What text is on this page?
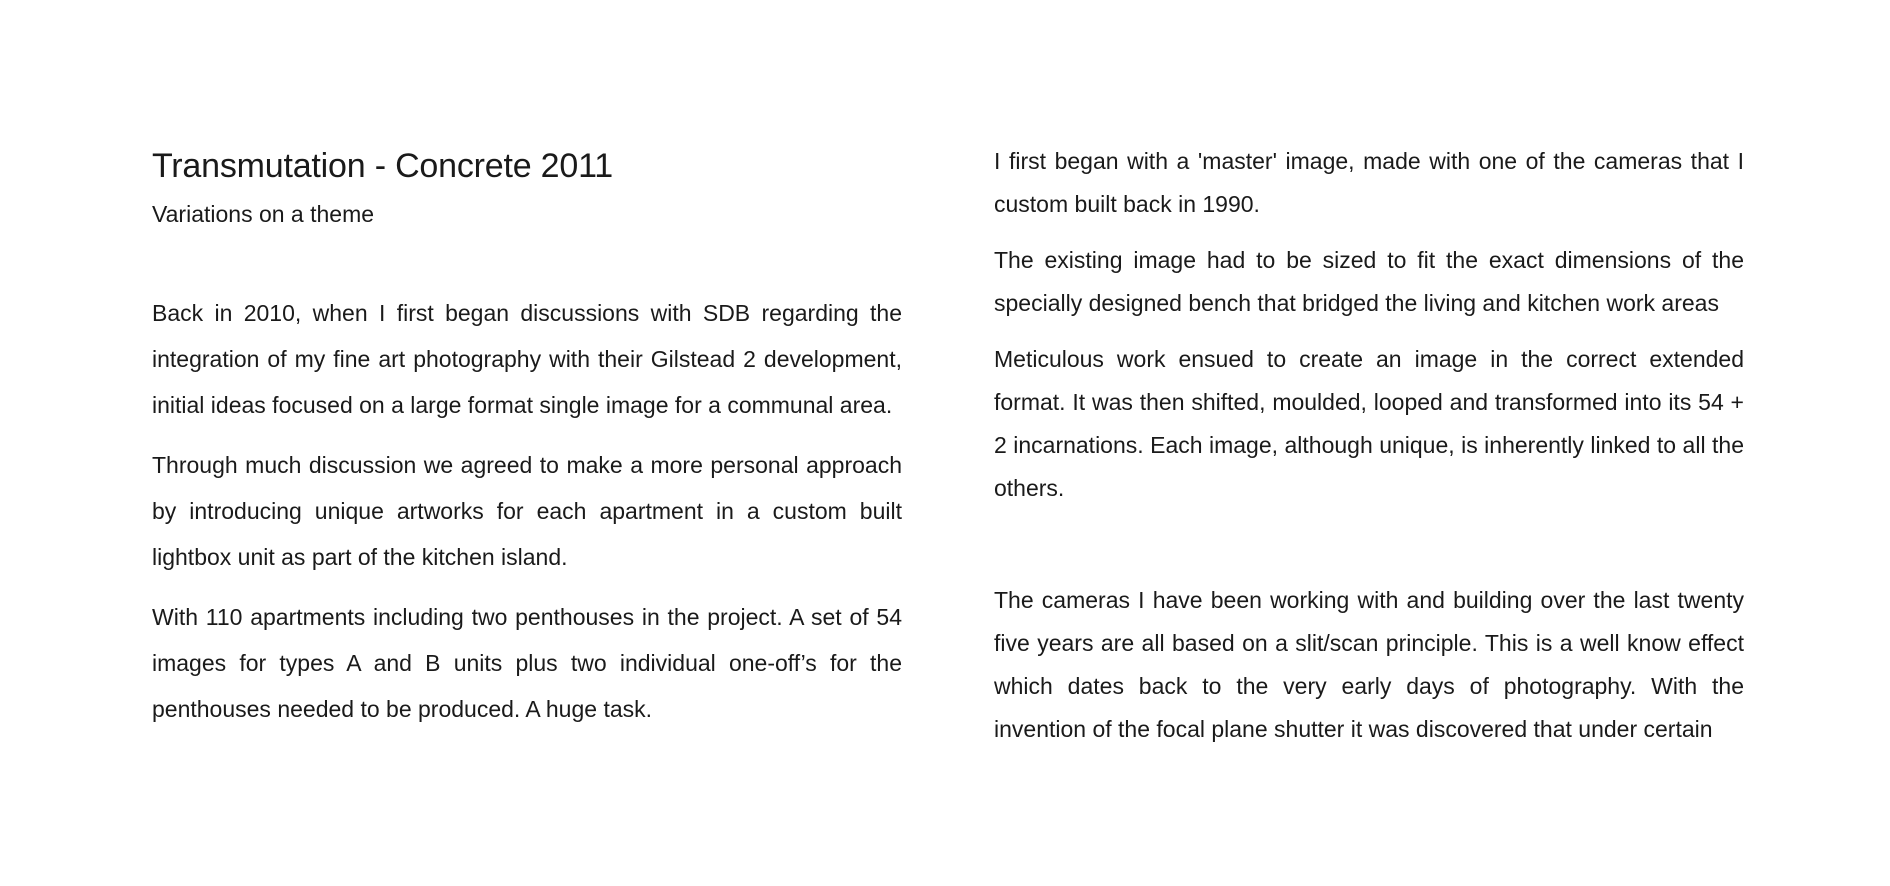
Transmutation - Concrete 2011
Variations on a theme

Back in 2010, when I first began discussions with SDB regarding the integration of my fine art photography with their Gilstead 2 development, initial ideas focused on a large format single image for a communal area.

Through much discussion we agreed to make a more personal approach by introducing unique artworks for each apartment in a custom built lightbox unit as part of the kitchen island.

With 110 apartments including two penthouses in the project. A set of 54 images for types A and B units plus two individual one-off’s for the penthouses needed to be produced. A huge task.

I first began with a 'master' image, made with one of the cameras that I custom built back in 1990.

The existing image had to be sized to fit the exact dimensions of the specially designed bench that bridged the living and kitchen work areas

Meticulous work ensued to create an image in the correct extended format. It was then shifted, moulded, looped and transformed into its 54 + 2 incarnations. Each image, although unique, is inherently linked to all the others.

The cameras I have been working with and building over the last twenty five years are all based on a slit/scan principle. This is a well know effect which dates back to the very early days of photography. With the invention of the focal plane shutter it was discovered that under certain
